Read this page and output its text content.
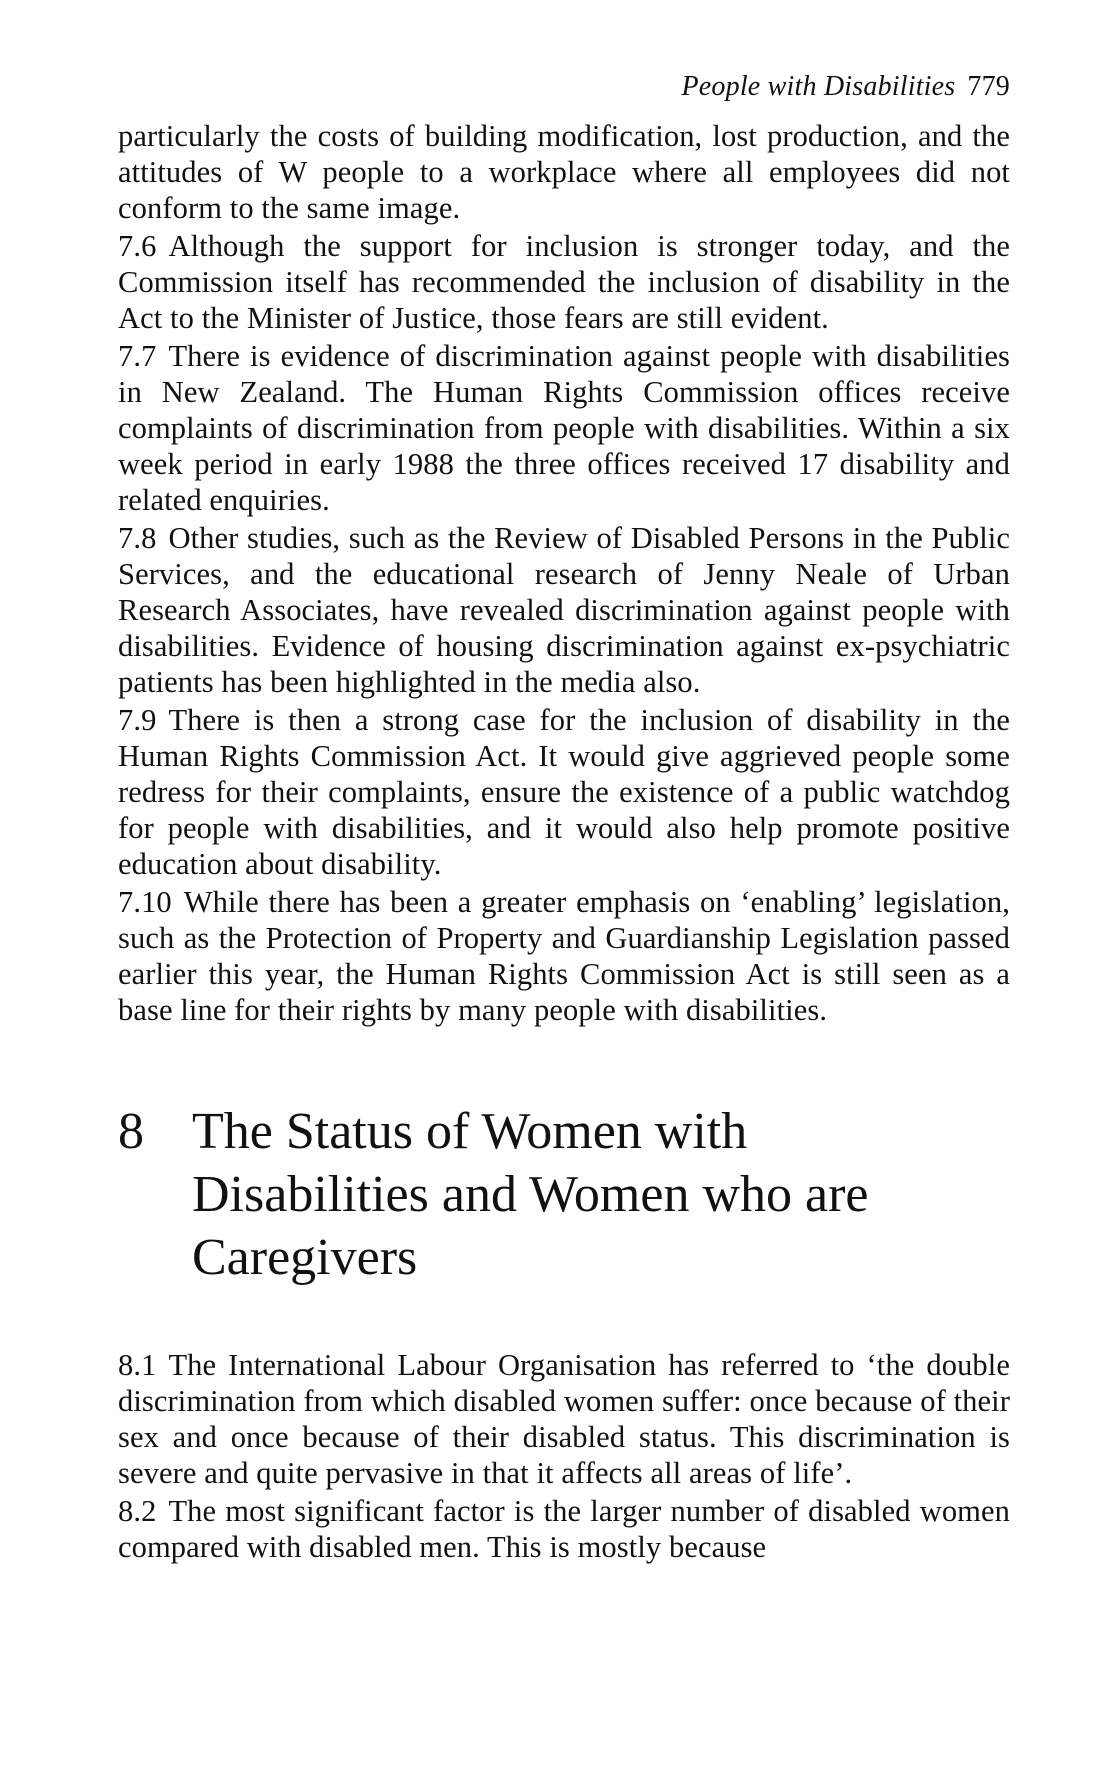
People with Disabilities 779

particularly the costs of building modification, lost production, and the attitudes of W people to a workplace where all employees did not conform to the same image.

7.6 Although the support for inclusion is stronger today, and the Commission itself has recommended the inclusion of disability in the Act to the Minister of Justice, those fears are still evident.

7.7 There is evidence of discrimination against people with disabilities in New Zealand. The Human Rights Commission offices receive complaints of discrimination from people with disabilities. Within a six week period in early 1988 the three offices received 17 disability and related enquiries.

7.8 Other studies, such as the Review of Disabled Persons in the Public Services, and the educational research of Jenny Neale of Urban Research Associates, have revealed discrimination against people with disabilities. Evidence of housing discrimination against ex-psychiatric patients has been highlighted in the media also.

7.9 There is then a strong case for the inclusion of disability in the Human Rights Commission Act. It would give aggrieved people some redress for their complaints, ensure the existence of a public watchdog for people with disabilities, and it would also help promote positive education about disability.

7.10 While there has been a greater emphasis on ‘enabling’ legislation, such as the Protection of Property and Guardianship Legislation passed earlier this year, the Human Rights Commission Act is still seen as a base line for their rights by many people with disabilities.

8 The Status of Women with Disabilities and Women who are Caregivers

8.1 The International Labour Organisation has referred to ‘the double discrimination from which disabled women suffer: once because of their sex and once because of their disabled status. This discrimination is severe and quite pervasive in that it affects all areas of life’.

8.2 The most significant factor is the larger number of disabled women compared with disabled men. This is mostly because
